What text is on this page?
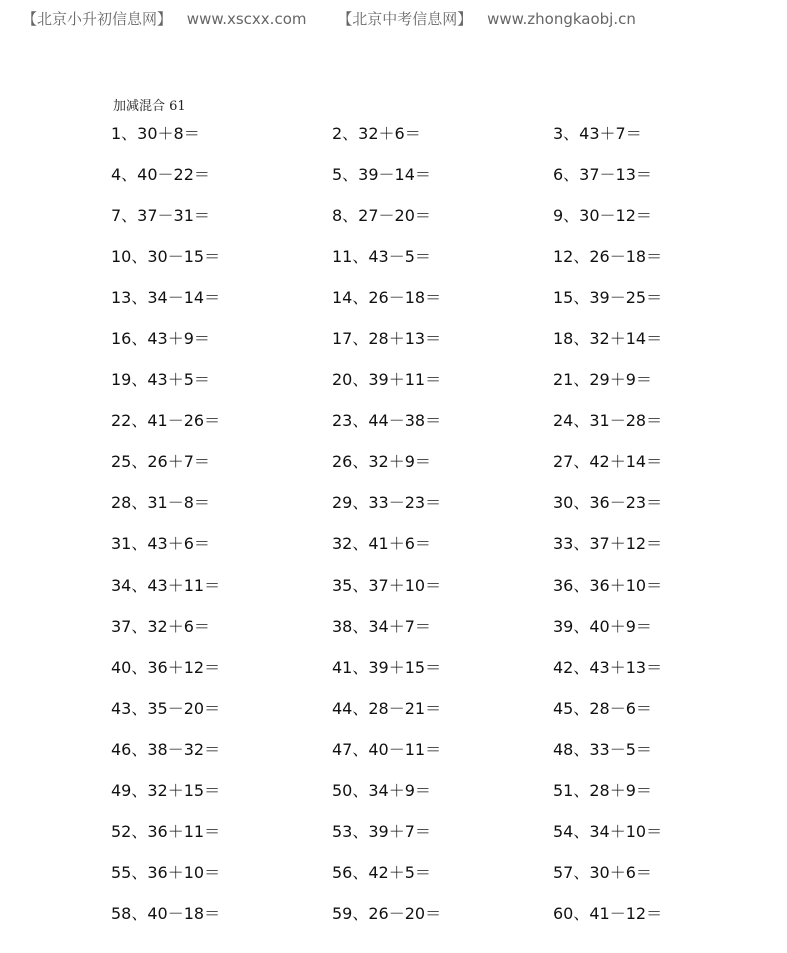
【北京小升初信息网】 www.xscxx.com 【北京中考信息网】 www.zhongkaobj.cn
加减混合 61
1、30＋8＝	2、32＋6＝	3、43＋7＝
4、40－22＝	5、39－14＝	6、37－13＝
7、37－31＝	8、27－20＝	9、30－12＝
10、30－15＝	11、43－5＝	12、26－18＝
13、34－14＝	14、26－18＝	15、39－25＝
16、43＋9＝	17、28＋13＝	18、32＋14＝
19、43＋5＝	20、39＋11＝	21、29＋9＝
22、41－26＝	23、44－38＝	24、31－28＝
25、26＋7＝	26、32＋9＝	27、42＋14＝
28、31－8＝	29、33－23＝	30、36－23＝
31、43＋6＝	32、41＋6＝	33、37＋12＝
34、43＋11＝	35、37＋10＝	36、36＋10＝
37、32＋6＝	38、34＋7＝	39、40＋9＝
40、36＋12＝	41、39＋15＝	42、43＋13＝
43、35－20＝	44、28－21＝	45、28－6＝
46、38－32＝	47、40－11＝	48、33－5＝
49、32＋15＝	50、34＋9＝	51、28＋9＝
52、36＋11＝	53、39＋7＝	54、34＋10＝
55、36＋10＝	56、42＋5＝	57、30＋6＝
58、40－18＝	59、26－20＝	60、41－12＝
